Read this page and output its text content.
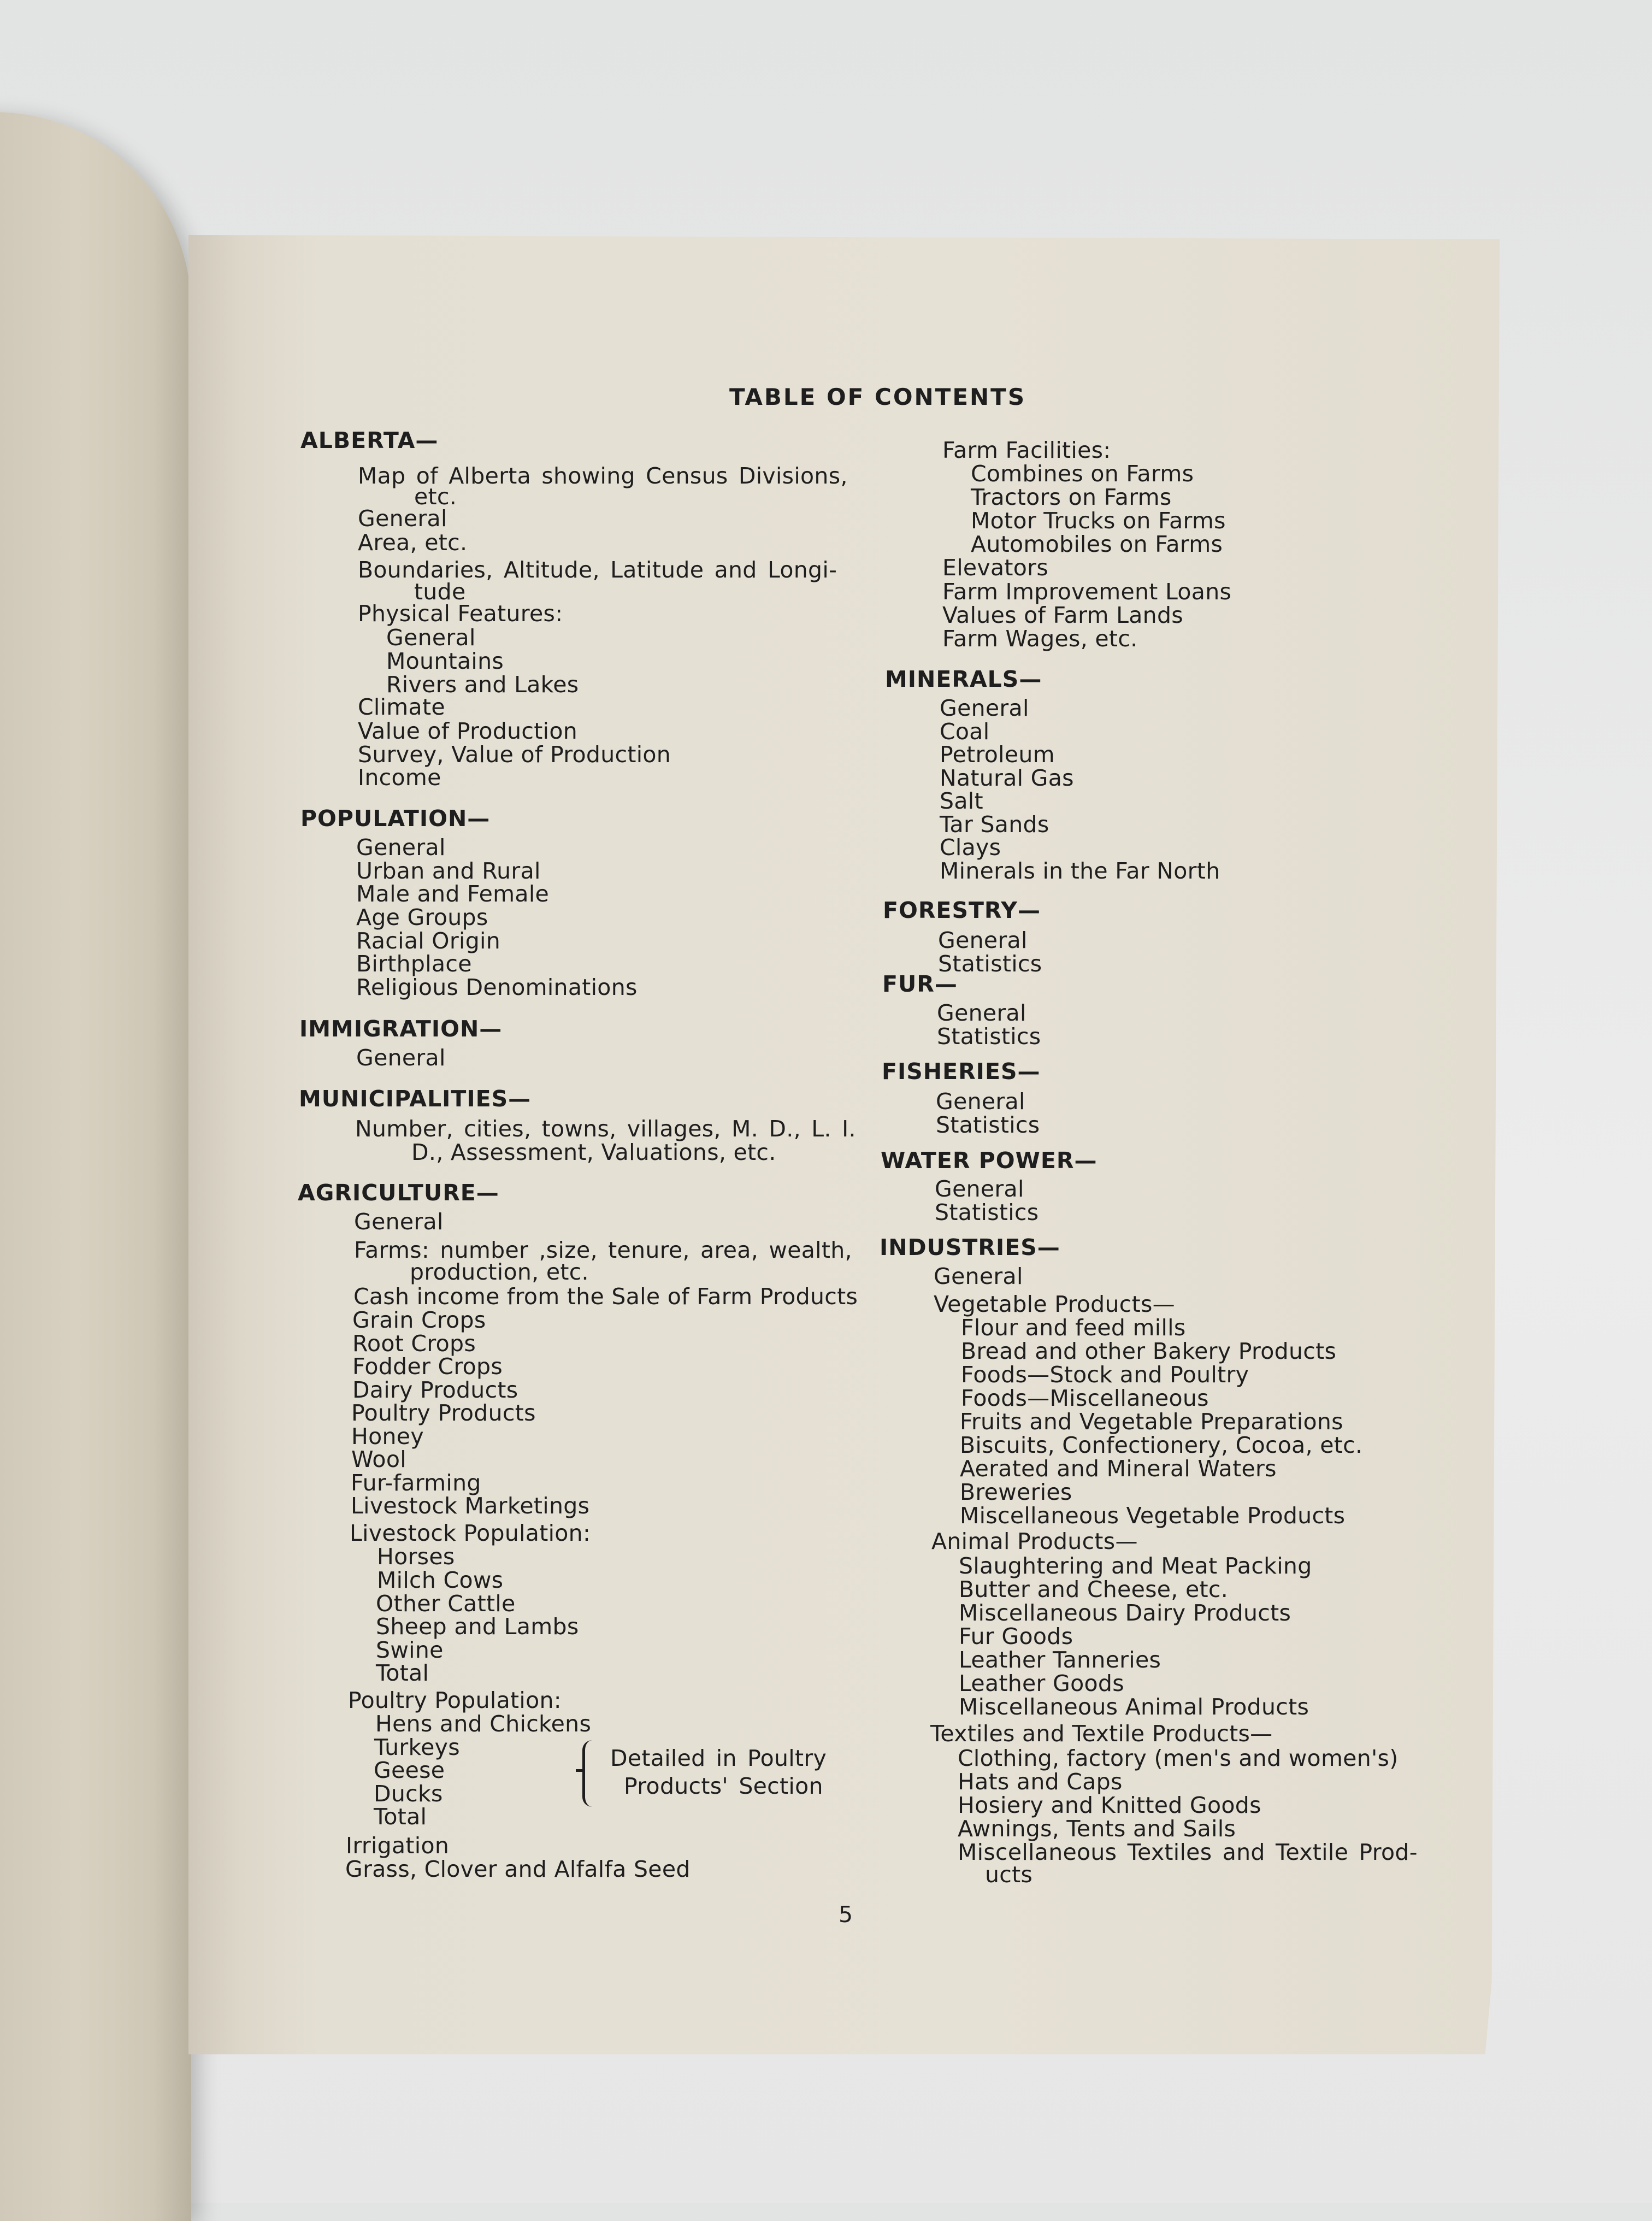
TABLE OF CONTENTS
ALBERTA—
Map of Alberta showing Census Divisions,
etc.
General
Area, etc.
Boundaries, Altitude, Latitude and Longi-
tude
Physical Features:
General
Mountains
Rivers and Lakes
Climate
Value of Production
Survey, Value of Production
Income
POPULATION—
General
Urban and Rural
Male and Female
Age Groups
Racial Origin
Birthplace
Religious Denominations
IMMIGRATION—
General
MUNICIPALITIES—
Number, cities, towns, villages, M. D., L. I.
D., Assessment, Valuations, etc.
AGRICULTURE—
General
Farms: number ,size, tenure, area, wealth,
production, etc.
Cash income from the Sale of Farm Products
Grain Crops
Root Crops
Fodder Crops
Dairy Products
Poultry Products
Honey
Wool
Fur-farming
Livestock Marketings
Livestock Population:
Horses
Milch Cows
Other Cattle
Sheep and Lambs
Swine
Total
Poultry Population:
Hens and Chickens
Turkeys
Geese
Ducks
Total
Irrigation
Grass, Clover and Alfalfa Seed
Detailed in Poultry
Products' Section
Farm Facilities:
Combines on Farms
Tractors on Farms
Motor Trucks on Farms
Automobiles on Farms
Elevators
Farm Improvement Loans
Values of Farm Lands
Farm Wages, etc.
MINERALS—
General
Coal
Petroleum
Natural Gas
Salt
Tar Sands
Clays
Minerals in the Far North
FORESTRY—
General
Statistics
FUR—
General
Statistics
FISHERIES—
General
Statistics
WATER POWER—
General
Statistics
INDUSTRIES—
General
Vegetable Products—
Flour and feed mills
Bread and other Bakery Products
Foods—Stock and Poultry
Foods—Miscellaneous
Fruits and Vegetable Preparations
Biscuits, Confectionery, Cocoa, etc.
Aerated and Mineral Waters
Breweries
Miscellaneous Vegetable Products
Animal Products—
Slaughtering and Meat Packing
Butter and Cheese, etc.
Miscellaneous Dairy Products
Fur Goods
Leather Tanneries
Leather Goods
Miscellaneous Animal Products
Textiles and Textile Products—
Clothing, factory (men's and women's)
Hats and Caps
Hosiery and Knitted Goods
Awnings, Tents and Sails
Miscellaneous Textiles and Textile Prod-
ucts
5
